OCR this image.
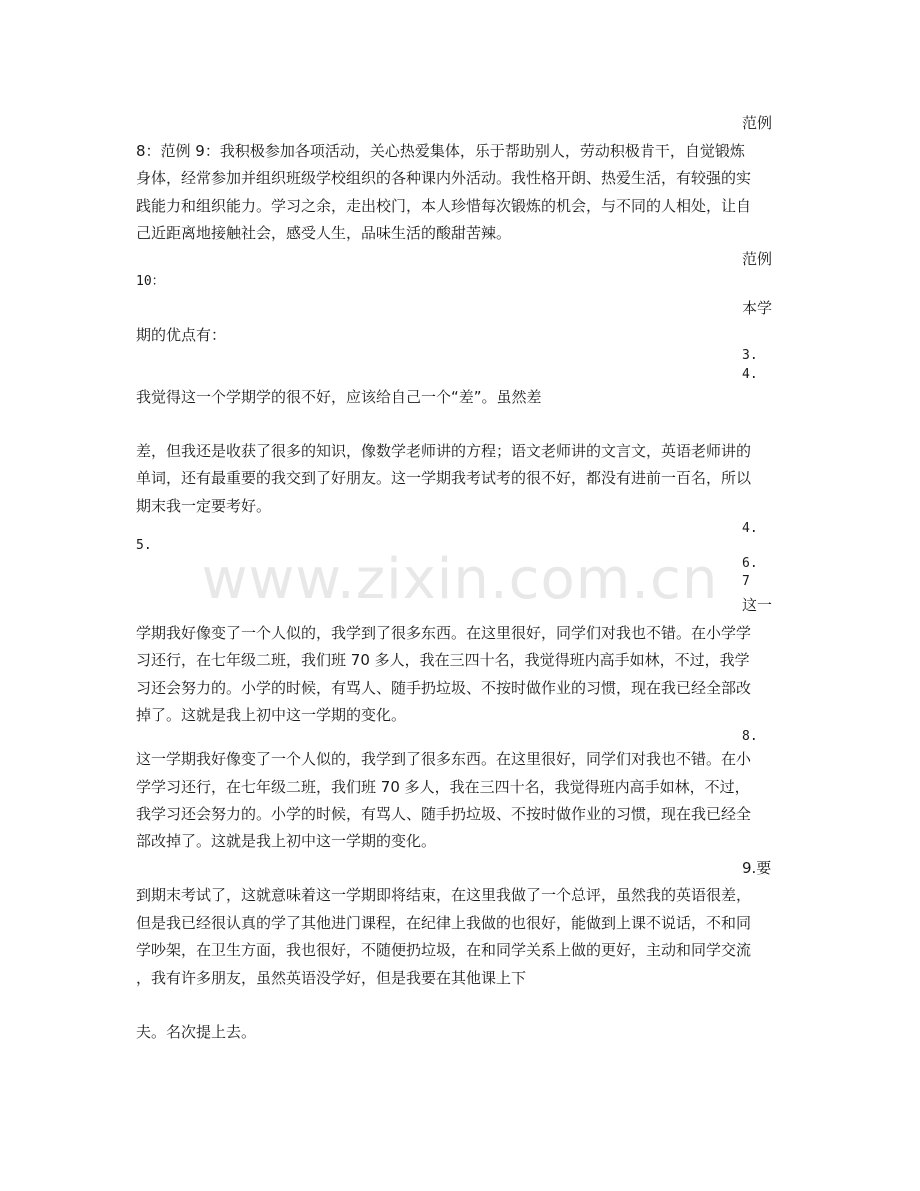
www.zixin.com.cn

范例

8：范例 9：我积极参加各项活动，关心热爱集体，乐于帮助别人，劳动积极肯干，自觉锻炼

身体，经常参加并组织班级学校组织的各种课内外活动。我性格开朗、热爱生活，有较强的实

践能力和组织能力。学习之余，走出校门，本人珍惜每次锻炼的机会，与不同的人相处，让自

己近距离地接触社会，感受人生，品味生活的酸甜苦辣。

范例

10：

本学

期的优点有：

3.

4.

我觉得这一个学期学的很不好，应该给自己一个“差”。虽然差

差，但我还是收获了很多的知识，像数学老师讲的方程；语文老师讲的文言文，英语老师讲的

单词，还有最重要的我交到了好朋友。这一学期我考试考的很不好，都没有进前一百名，所以

期末我一定要考好。

4.

5.

6.

7

这一

学期我好像变了一个人似的，我学到了很多东西。在这里很好，同学们对我也不错。在小学学

习还行，在七年级二班，我们班 70 多人，我在三四十名，我觉得班内高手如林，不过，我学

习还会努力的。小学的时候，有骂人、随手扔垃圾、不按时做作业的习惯，现在我已经全部改

掉了。这就是我上初中这一学期的变化。

8.

这一学期我好像变了一个人似的，我学到了很多东西。在这里很好，同学们对我也不错。在小

学学习还行，在七年级二班，我们班 70 多人，我在三四十名，我觉得班内高手如林，不过，

我学习还会努力的。小学的时候，有骂人、随手扔垃圾、不按时做作业的习惯，现在我已经全

部改掉了。这就是我上初中这一学期的变化。

9.要

到期末考试了，这就意味着这一学期即将结束，在这里我做了一个总评，虽然我的英语很差，

但是我已经很认真的学了其他进门课程，在纪律上我做的也很好，能做到上课不说话，不和同

学吵架，在卫生方面，我也很好，不随便扔垃圾，在和同学关系上做的更好，主动和同学交流

，我有许多朋友，虽然英语没学好，但是我要在其他课上下

夫。名次提上去。
